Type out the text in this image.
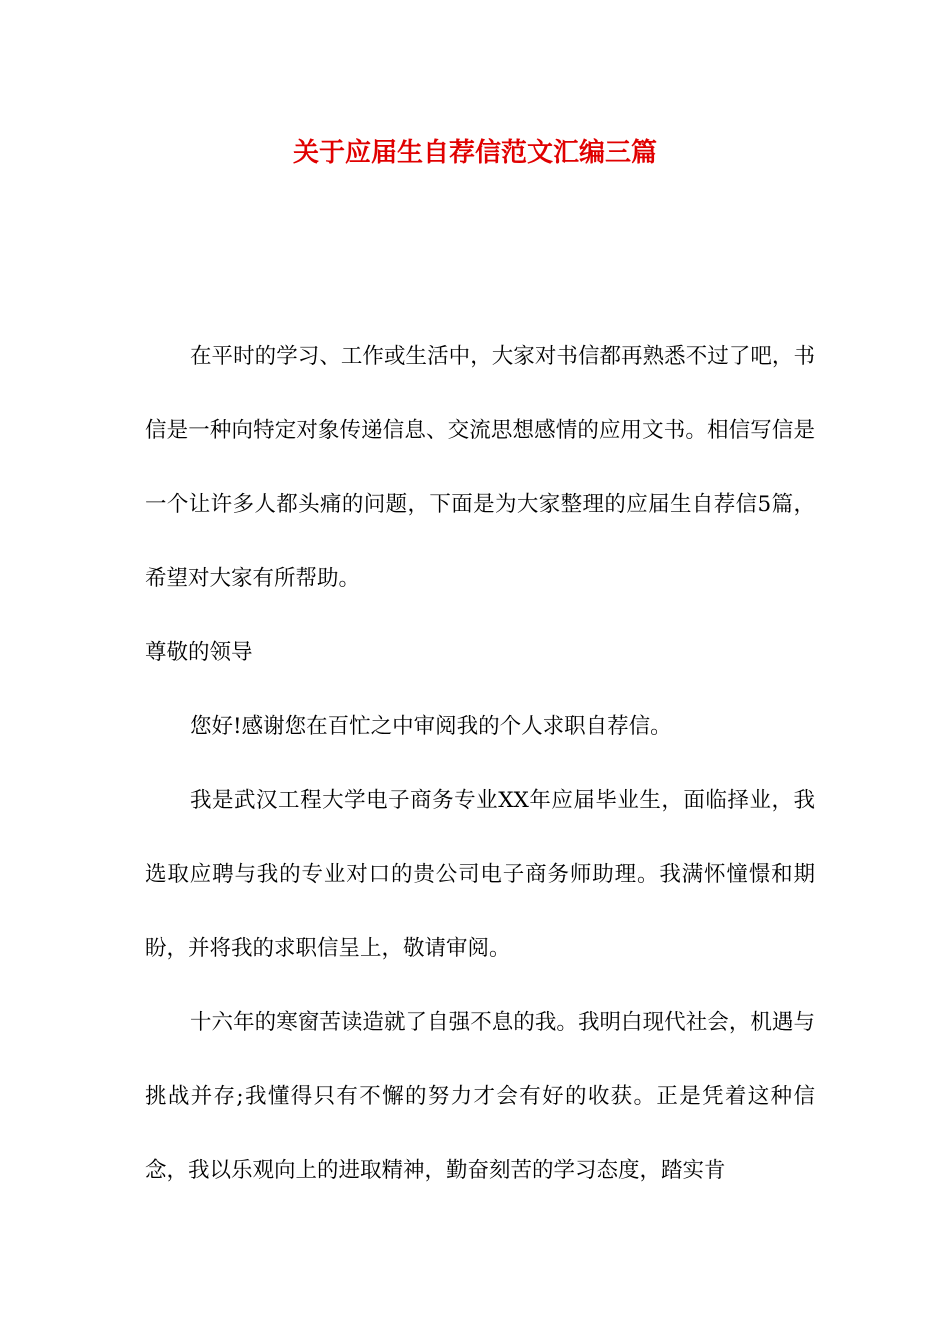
关于应届生自荐信范文汇编三篇

在平时的学习、工作或生活中，大家对书信都再熟悉不过了吧，书信是一种向特定对象传递信息、交流思想感情的应用文书。相信写信是一个让许多人都头痛的问题，下面是为大家整理的应届生自荐信5篇，希望对大家有所帮助。

尊敬的领导

您好!感谢您在百忙之中审阅我的个人求职自荐信。

我是武汉工程大学电子商务专业XX年应届毕业生，面临择业，我选取应聘与我的专业对口的贵公司电子商务师助理。我满怀憧憬和期盼，并将我的求职信呈上，敬请审阅。

十六年的寒窗苦读造就了自强不息的我。我明白现代社会，机遇与挑战并存;我懂得只有不懈的努力才会有好的收获。正是凭着这种信念，我以乐观向上的进取精神，勤奋刻苦的学习态度，踏实肯
